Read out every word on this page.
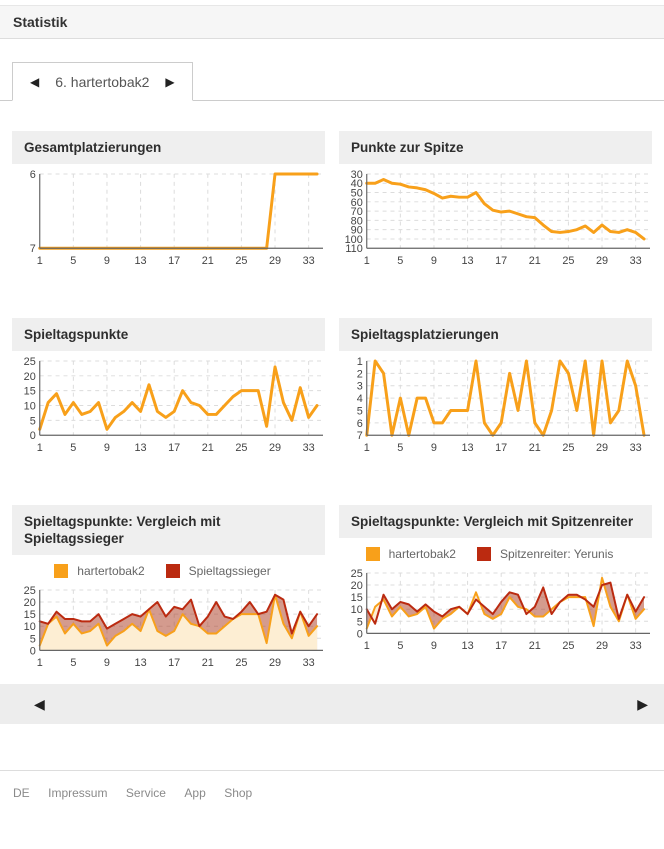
Statistik
◀ 6. hartertobak2 ▶
Gesamtplatzierungen
6
7
1	5	9 13 17 21 25 29 33
Punkte zur Spitze
30
40
50
60
70
80
90
100
110
1	5	9 13 17 21 25 29 33
Spieltagspunkte
25
20
15
10
5
0
1	5	9 13 17 21 25 29 33
Spieltagsplatzierungen
1
2
3
4
5
6
7
1	5	9 13 17 21 25 29 33
Spieltagspunkte: Vergleich mit Spieltagssieger
hartertobak2	Spieltagssieger
25
20
15
10
5
0
1	5	9 13 17 21 25 29 33
Spieltagspunkte: Vergleich mit Spitzenreiter
hartertobak2	Spitzenreiter: Yerunis
25
20
15
10
5
0
1	5	9 13 17 21 25 29 33
◀	▶
DE Impressum Service App Shop
